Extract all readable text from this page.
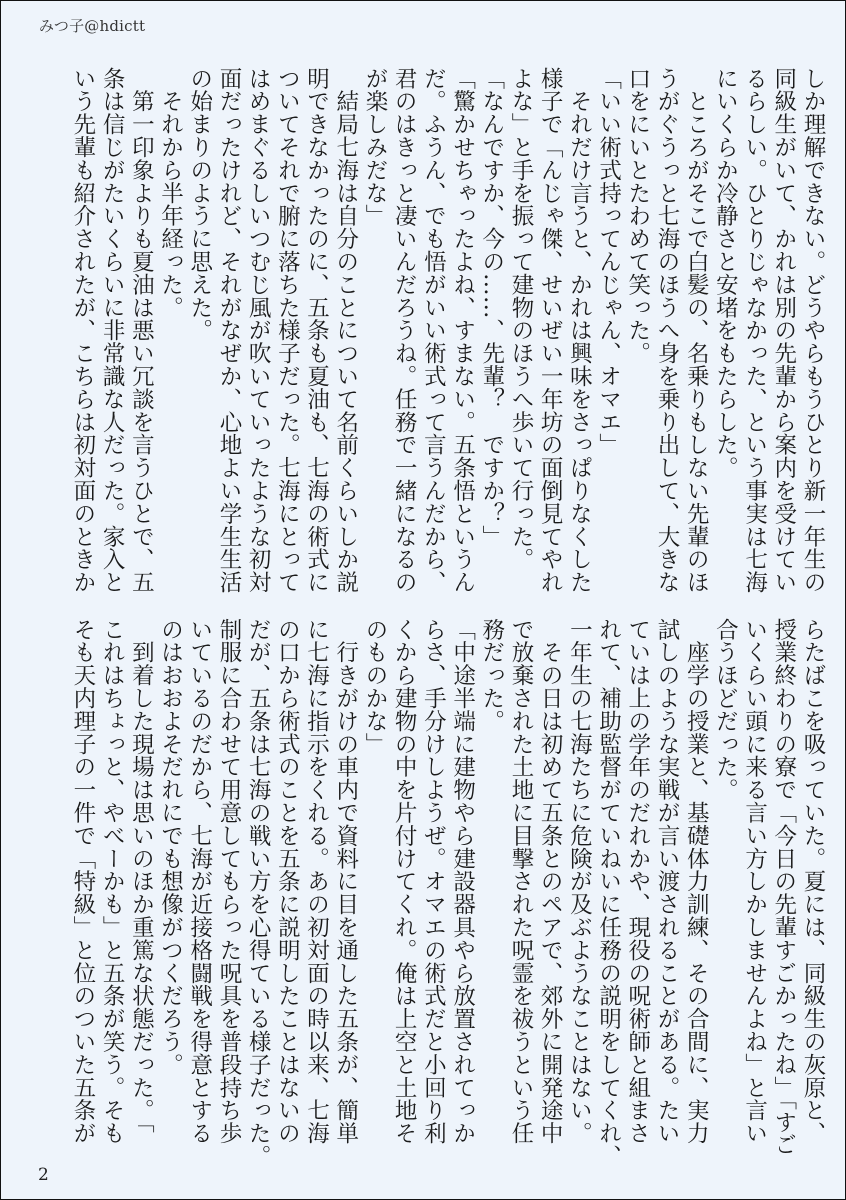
みつ子@hdictt
しか理解できない。どうやらもうひとり新一年生の
同級生がいて、かれは別の先輩から案内を受けてい
るらしい。ひとりじゃなかった、という事実は七海
にいくらか冷静さと安堵をもたらした。
　ところがそこで白髪の、名乗りもしない先輩のほ
うがぐうっと七海のほうへ身を乗り出して、大きな
口をにいとたわめて笑った。
「いい術式持ってんじゃん、オマエ」
　それだけ言うと、かれは興味をさっぱりなくした
様子で「んじゃ傑、せいぜい一年坊の面倒見てやれ
よな」と手を振って建物のほうへ歩いて行った。
「なんですか、今の……、先輩？　ですか？」
「驚かせちゃったよね、すまない。五条悟というん
だ。ふうん、でも悟がいい術式って言うんだから、
君のはきっと凄いんだろうね。任務で一緒になるの
が楽しみだな」
　結局七海は自分のことについて名前くらいしか説
明できなかったのに、五条も夏油も、七海の術式に
ついてそれで腑に落ちた様子だった。七海にとって
はめまぐるしいつむじ風が吹いていったような初対
面だったけれど、それがなぜか、心地よい学生生活
の始まりのように思えた。
　それから半年経った。
　第一印象よりも夏油は悪い冗談を言うひとで、五
条は信じがたいくらいに非常識な人だった。家入と
いう先輩も紹介されたが、こちらは初対面のときか
らたばこを吸っていた。夏には、同級生の灰原と、
授業終わりの寮で「今日の先輩すごかったね」「すご
いくらい頭に来る言い方しかしませんよね」と言い
合うほどだった。
　座学の授業と、基礎体力訓練、その合間に、実力
試しのような実戦が言い渡されることがある。たい
ていは上の学年のだれかや、現役の呪術師と組まさ
れて、補助監督がていねいに任務の説明をしてくれ、
一年生の七海たちに危険が及ぶようなことはない。
　その日は初めて五条とのペアで、郊外に開発途中
で放棄された土地に目撃された呪霊を祓うという任
務だった。
「中途半端に建物やら建設器具やら放置されてっか
らさ、手分けしようぜ。オマエの術式だと小回り利
くから建物の中を片付けてくれ。俺は上空と土地そ
のものかな」
　行きがけの車内で資料に目を通した五条が、簡単
に七海に指示をくれる。あの初対面の時以来、七海
の口から術式のことを五条に説明したことはないの
だが、五条は七海の戦い方を心得ている様子だった。
制服に合わせて用意してもらった呪具を普段持ち歩
いているのだから、七海が近接格闘戦を得意とする
のはおおよそだれにでも想像がつくだろう。
　到着した現場は思いのほか重篤な状態だった。「
これはちょっと、やべーかも」と五条が笑う。そも
そも天内理子の一件で「特級」と位のついた五条が
2
